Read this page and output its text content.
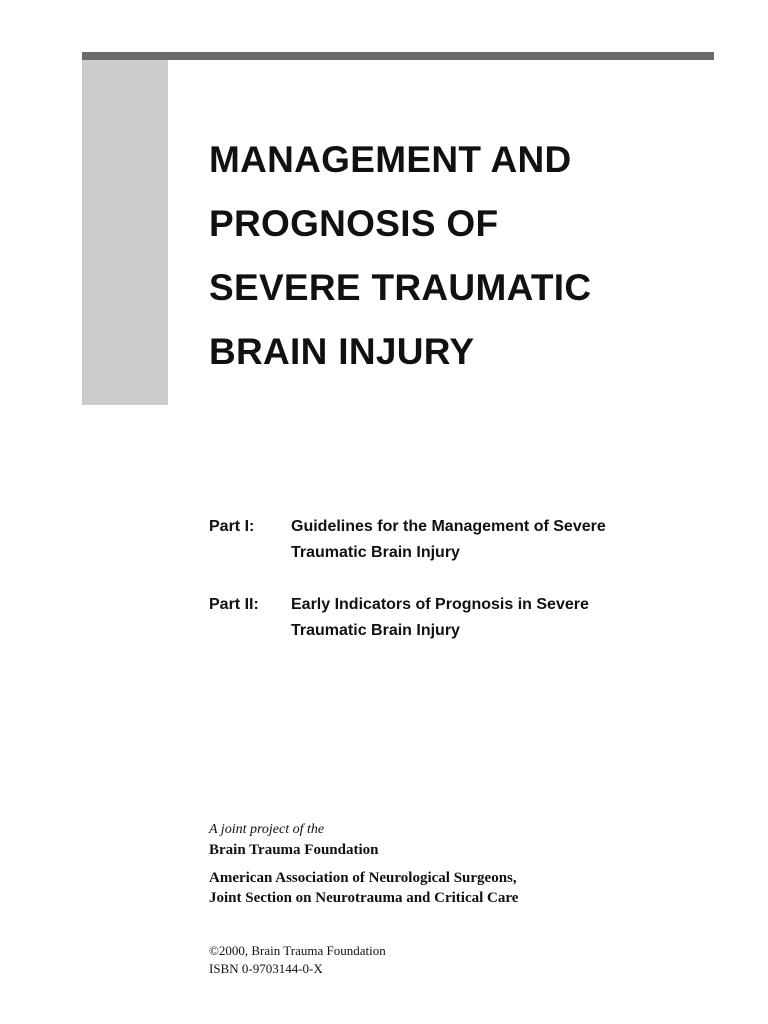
MANAGEMENT AND
PROGNOSIS OF
SEVERE TRAUMATIC
BRAIN INJURY
Part I:	Guidelines for the Management of Severe
Traumatic Brain Injury
Part II:	Early Indicators of Prognosis in Severe
Traumatic Brain Injury
A joint project of the
Brain Trauma Foundation
American Association of Neurological Surgeons,
Joint Section on Neurotrauma and Critical Care
©2000, Brain Trauma Foundation
ISBN 0-9703144-0-X
